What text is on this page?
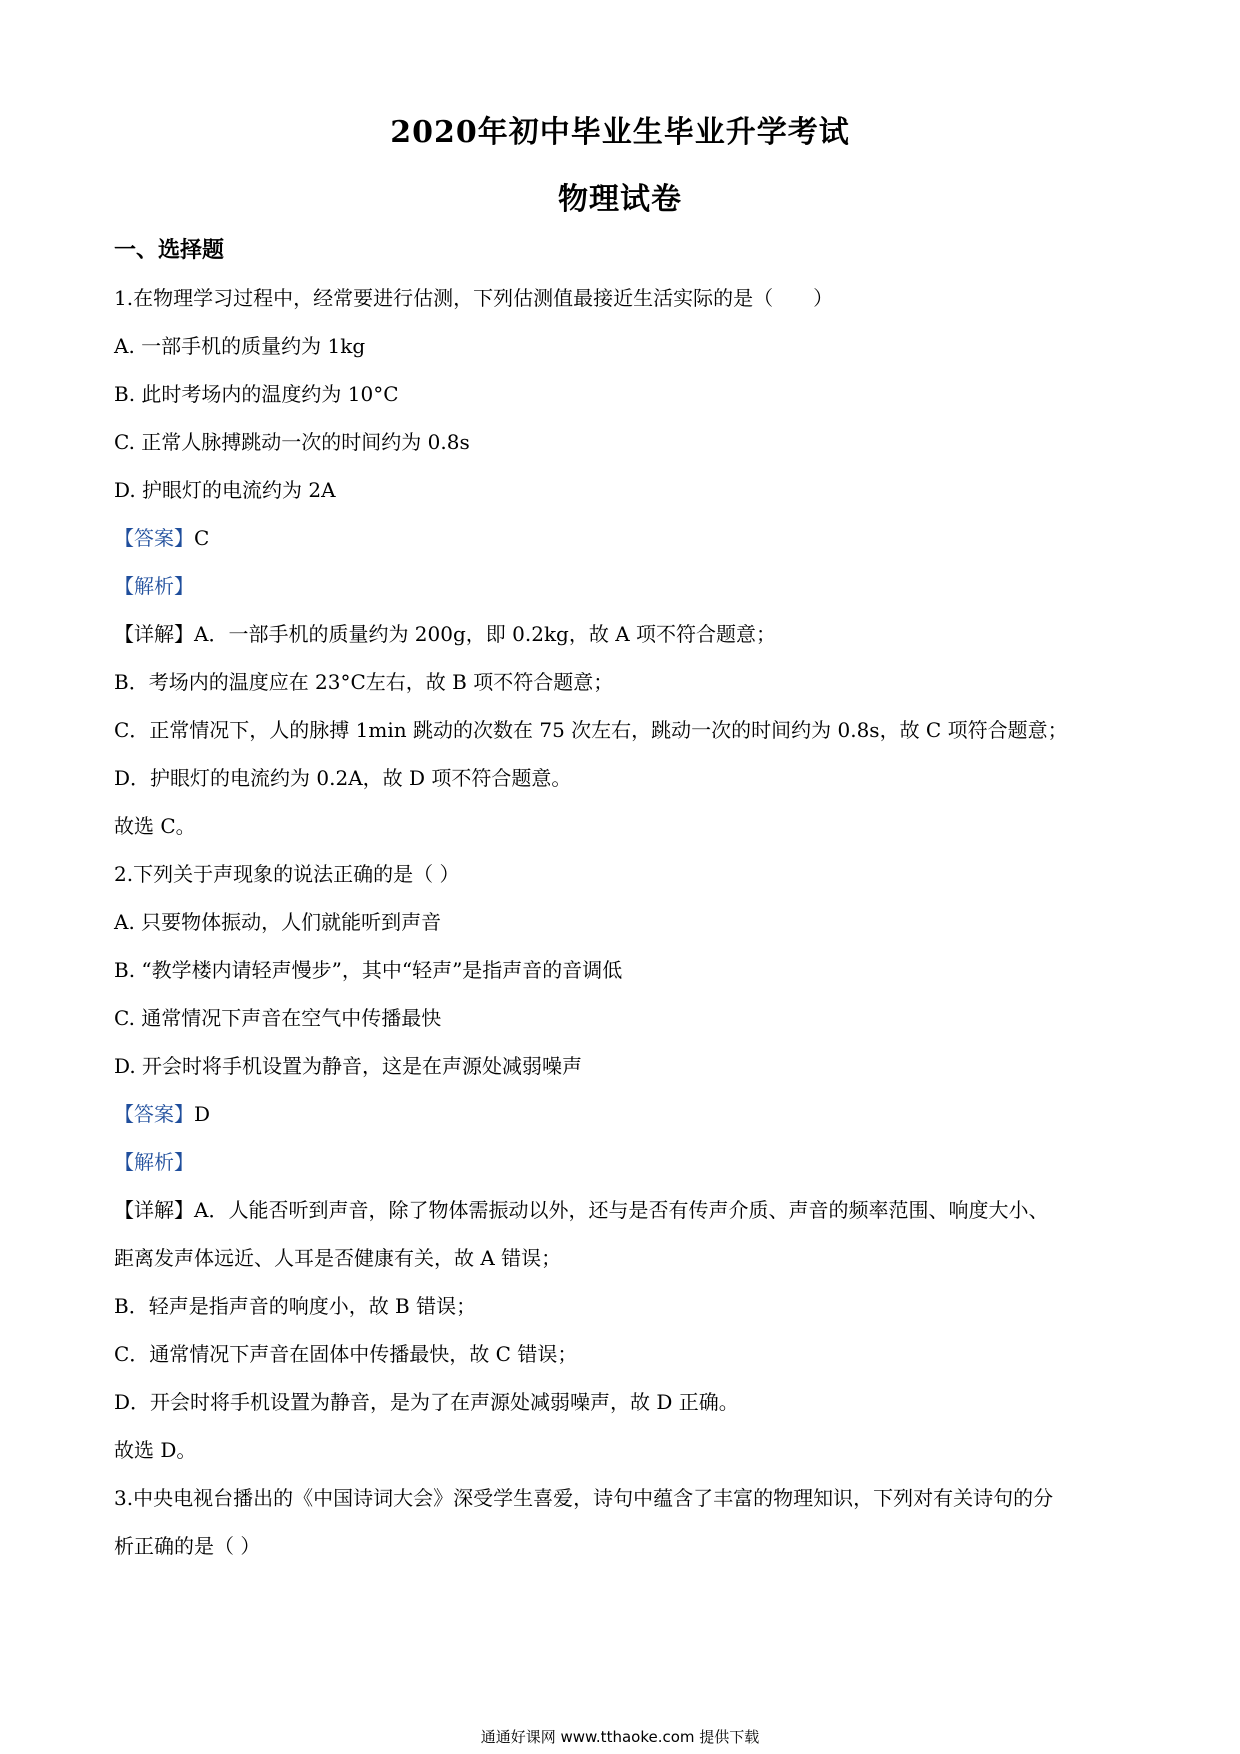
2020年初中毕业生毕业升学考试
物理试卷
一、选择题
1.在物理学习过程中，经常要进行估测，下列估测值最接近生活实际的是（　　）
A. 一部手机的质量约为 1kg
B. 此时考场内的温度约为 10°C
C. 正常人脉搏跳动一次的时间约为 0.8s
D. 护眼灯的电流约为 2A
【答案】C
【解析】
【详解】A．一部手机的质量约为 200g，即 0.2kg，故 A 项不符合题意；
B．考场内的温度应在 23°C左右，故 B 项不符合题意；
C．正常情况下，人的脉搏 1min 跳动的次数在 75 次左右，跳动一次的时间约为 0.8s，故 C 项符合题意；
D．护眼灯的电流约为 0.2A，故 D 项不符合题意。
故选 C。
2.下列关于声现象的说法正确的是（ ）
A. 只要物体振动，人们就能听到声音
B. “教学楼内请轻声慢步”，其中“轻声”是指声音的音调低
C. 通常情况下声音在空气中传播最快
D. 开会时将手机设置为静音，这是在声源处减弱噪声
【答案】D
【解析】
【详解】A．人能否听到声音，除了物体需振动以外，还与是否有传声介质、声音的频率范围、响度大小、
距离发声体远近、人耳是否健康有关，故 A 错误；
B．轻声是指声音的响度小，故 B 错误；
C．通常情况下声音在固体中传播最快，故 C 错误；
D．开会时将手机设置为静音，是为了在声源处减弱噪声，故 D 正确。
故选 D。
3.中央电视台播出的《中国诗词大会》深受学生喜爱，诗句中蕴含了丰富的物理知识，下列对有关诗句的分
析正确的是（ ）
通通好课网 www.tthaoke.com 提供下载
